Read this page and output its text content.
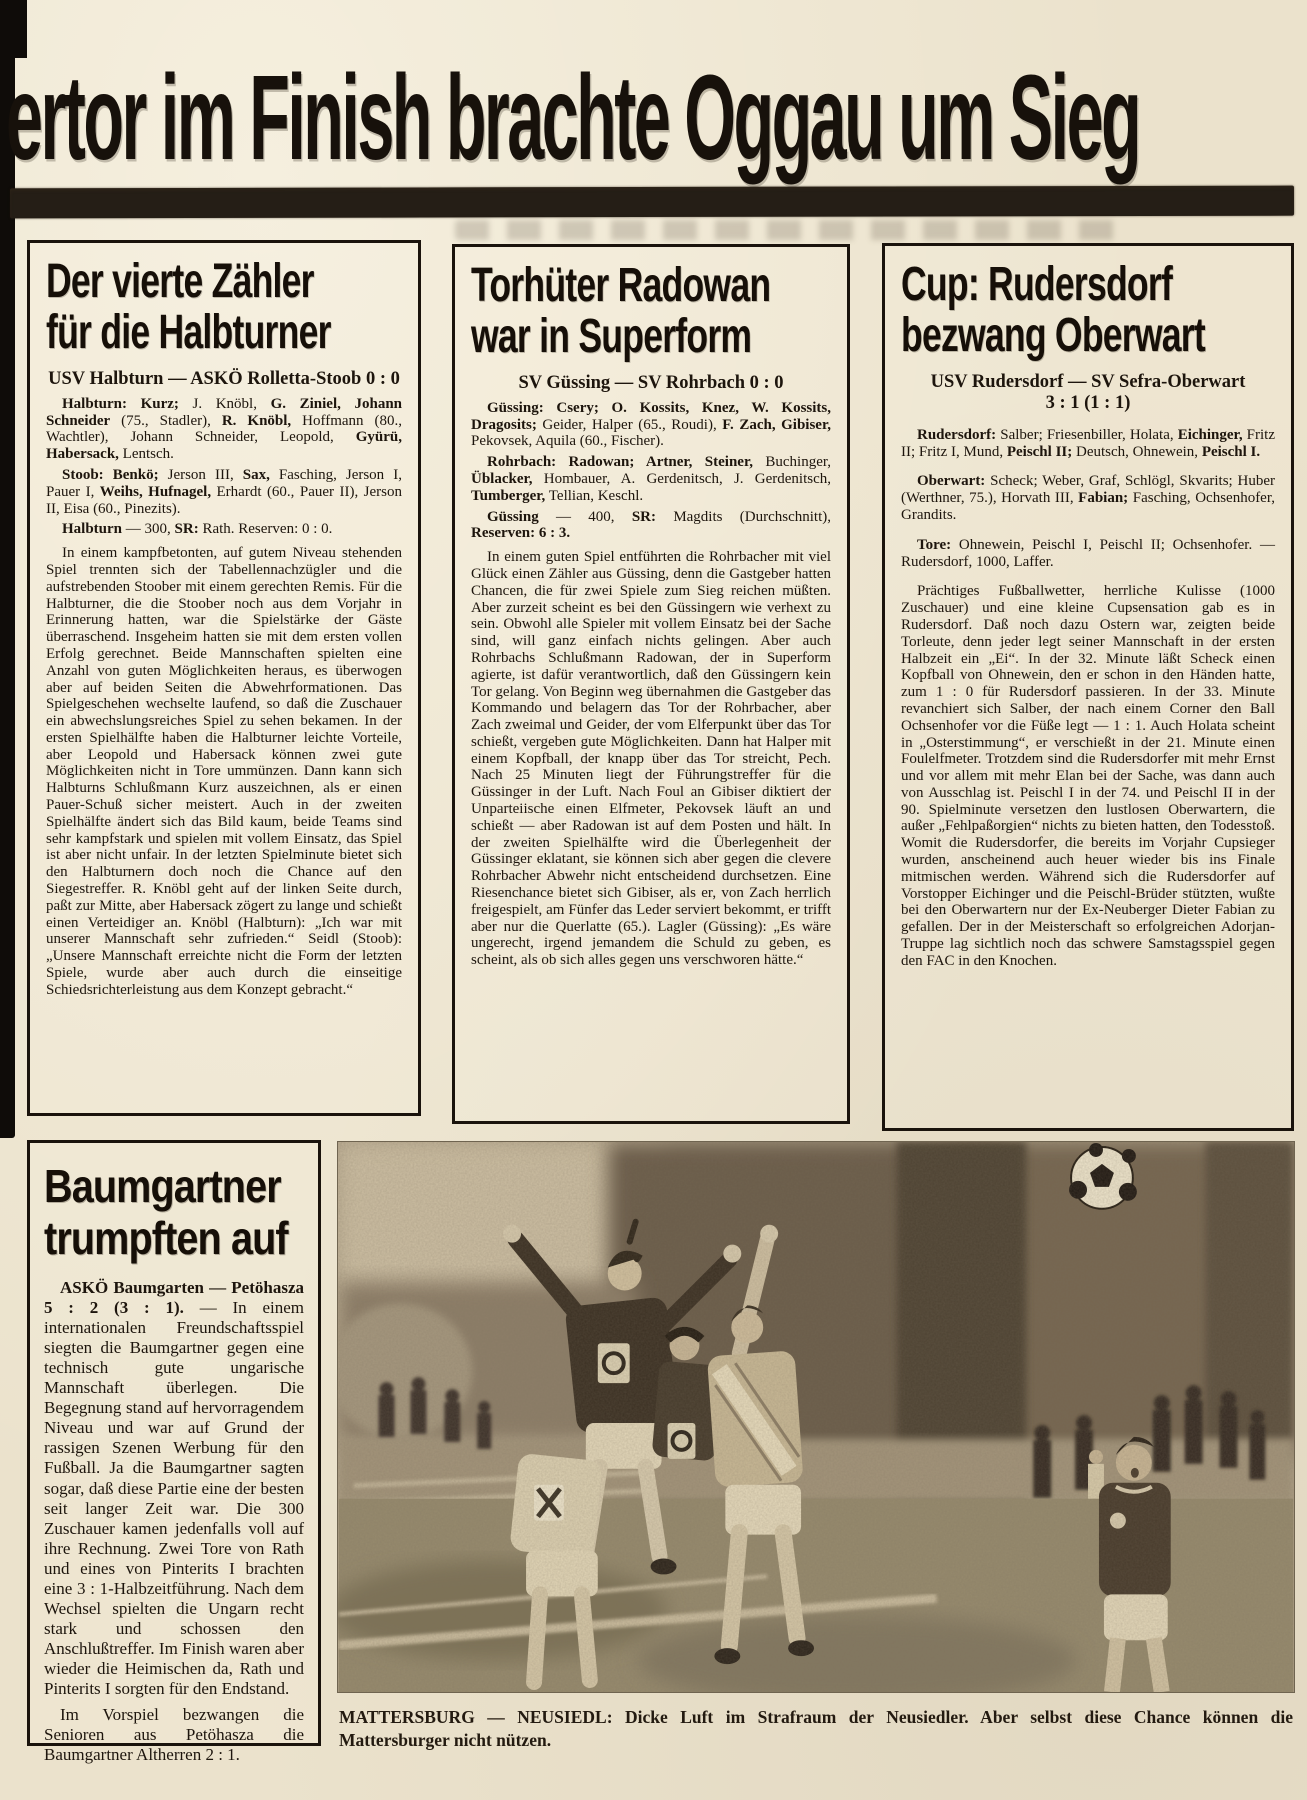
ertor im Finish brachte Oggau um Sieg
Der vierte Zähler
für die Halbturner
USV Halbturn — ASKÖ Rolletta-Stoob 0 : 0

Halbturn: Kurz; J. Knöbl, G. Ziniel, Johann Schneider (75., Stadler), R. Knöbl, Hoffmann (80., Wachtler), Johann Schneider, Leopold, Gyürü, Habersack, Lentsch.

Stoob: Benkö; Jerson III, Sax, Fasching, Jerson I, Pauer I, Weihs, Hufnagel, Erhardt (60., Pauer II), Jerson II, Eisa (60., Pinezits).

Halbturn — 300, SR: Rath. Reserven: 0 : 0.

In einem kampfbetonten, auf gutem Niveau stehenden Spiel trennten sich der Tabellennachzügler und die aufstrebenden Stoober mit einem gerechten Remis. Für die Halbturner, die die Stoober noch aus dem Vorjahr in Erinnerung hatten, war die Spielstärke der Gäste überraschend. Insgeheim hatten sie mit dem ersten vollen Erfolg gerechnet. Beide Mannschaften spielten eine Anzahl von guten Möglichkeiten heraus, es überwogen aber auf beiden Seiten die Abwehrformationen. Das Spielgeschehen wechselte laufend, so daß die Zuschauer ein abwechslungsreiches Spiel zu sehen bekamen. In der ersten Spielhälfte haben die Halbturner leichte Vorteile, aber Leopold und Habersack können zwei gute Möglichkeiten nicht in Tore ummünzen. Dann kann sich Halbturns Schlußmann Kurz auszeichnen, als er einen Pauer-Schuß sicher meistert. Auch in der zweiten Spielhälfte ändert sich das Bild kaum, beide Teams sind sehr kampfstark und spielen mit vollem Einsatz, das Spiel ist aber nicht unfair. In der letzten Spielminute bietet sich den Halbturnern doch noch die Chance auf den Siegestreffer. R. Knöbl geht auf der linken Seite durch, paßt zur Mitte, aber Habersack zögert zu lange und schießt einen Verteidiger an. Knöbl (Halbturn): „Ich war mit unserer Mannschaft sehr zufrieden.“ Seidl (Stoob): „Unsere Mannschaft erreichte nicht die Form der letzten Spiele, wurde aber auch durch die einseitige Schiedsrichterleistung aus dem Konzept gebracht.“

Torhüter Radowan
war in Superform
SV Güssing — SV Rohrbach 0 : 0

Güssing: Csery; O. Kossits, Knez, W. Kossits, Dragosits; Geider, Halper (65., Roudi), F. Zach, Gibiser, Pekovsek, Aquila (60., Fischer).

Rohrbach: Radowan; Artner, Steiner, Buchinger, Üblacker, Hombauer, A. Gerdenitsch, J. Gerdenitsch, Tumberger, Tellian, Keschl.

Güssing — 400, SR: Magdits (Durchschnitt), Reserven: 6 : 3.

In einem guten Spiel entführten die Rohrbacher mit viel Glück einen Zähler aus Güssing, denn die Gastgeber hatten Chancen, die für zwei Spiele zum Sieg reichen müßten. Aber zurzeit scheint es bei den Güssingern wie verhext zu sein. Obwohl alle Spieler mit vollem Einsatz bei der Sache sind, will ganz einfach nichts gelingen. Aber auch Rohrbachs Schlußmann Radowan, der in Superform agierte, ist dafür verantwortlich, daß den Güssingern kein Tor gelang. Von Beginn weg übernahmen die Gastgeber das Kommando und belagern das Tor der Rohrbacher, aber Zach zweimal und Geider, der vom Elferpunkt über das Tor schießt, vergeben gute Möglichkeiten. Dann hat Halper mit einem Kopfball, der knapp über das Tor streicht, Pech. Nach 25 Minuten liegt der Führungstreffer für die Güssinger in der Luft. Nach Foul an Gibiser diktiert der Unparteiische einen Elfmeter, Pekovsek läuft an und schießt — aber Radowan ist auf dem Posten und hält. In der zweiten Spielhälfte wird die Überlegenheit der Güssinger eklatant, sie können sich aber gegen die clevere Rohrbacher Abwehr nicht entscheidend durchsetzen. Eine Riesenchance bietet sich Gibiser, als er, von Zach herrlich freigespielt, am Fünfer das Leder serviert bekommt, er trifft aber nur die Querlatte (65.). Lagler (Güssing): „Es wäre ungerecht, irgend jemandem die Schuld zu geben, es scheint, als ob sich alles gegen uns verschworen hätte.“

Cup: Rudersdorf
bezwang Oberwart
USV Rudersdorf — SV Sefra-Oberwart
3 : 1 (1 : 1)

Rudersdorf: Salber; Friesenbiller, Holata, Eichinger, Fritz II; Fritz I, Mund, Peischl II; Deutsch, Ohnewein, Peischl I.

Oberwart: Scheck; Weber, Graf, Schlögl, Skvarits; Huber (Werthner, 75.), Horvath III, Fabian; Fasching, Ochsenhofer, Grandits.

Tore: Ohnewein, Peischl I, Peischl II; Ochsenhofer. — Rudersdorf, 1000, Laffer.

Prächtiges Fußballwetter, herrliche Kulisse (1000 Zuschauer) und eine kleine Cupsensation gab es in Rudersdorf. Daß noch dazu Ostern war, zeigten beide Torleute, denn jeder legt seiner Mannschaft in der ersten Halbzeit ein „Ei“. In der 32. Minute läßt Scheck einen Kopfball von Ohnewein, den er schon in den Händen hatte, zum 1 : 0 für Rudersdorf passieren. In der 33. Minute revanchiert sich Salber, der nach einem Corner den Ball Ochsenhofer vor die Füße legt — 1 : 1. Auch Holata scheint in „Osterstimmung“, er verschießt in der 21. Minute einen Foulelfmeter. Trotzdem sind die Rudersdorfer mit mehr Ernst und vor allem mit mehr Elan bei der Sache, was dann auch von Ausschlag ist. Peischl I in der 74. und Peischl II in der 90. Spielminute versetzen den lustlosen Oberwartern, die außer „Fehlpaßorgien“ nichts zu bieten hatten, den Todesstoß. Womit die Rudersdorfer, die bereits im Vorjahr Cupsieger wurden, anscheinend auch heuer wieder bis ins Finale mitmischen werden. Während sich die Rudersdorfer auf Vorstopper Eichinger und die Peischl-Brüder stützten, wußte bei den Oberwartern nur der Ex-Neuberger Dieter Fabian zu gefallen. Der in der Meisterschaft so erfolgreichen Adorjan-Truppe lag sichtlich noch das schwere Samstagsspiel gegen den FAC in den Knochen.

Baumgartner
trumpften auf

ASKÖ Baumgarten — Petöhasza 5 : 2 (3 : 1). — In einem internationalen Freundschaftsspiel siegten die Baumgartner gegen eine technisch gute ungarische Mannschaft überlegen. Die Begegnung stand auf hervorragendem Niveau und war auf Grund der rassigen Szenen Werbung für den Fußball. Ja die Baumgartner sagten sogar, daß diese Partie eine der besten seit langer Zeit war. Die 300 Zuschauer kamen jedenfalls voll auf ihre Rechnung. Zwei Tore von Rath und eines von Pinterits I brachten eine 3 : 1-Halbzeitführung. Nach dem Wechsel spielten die Ungarn recht stark und schossen den Anschlußtreffer. Im Finish waren aber wieder die Heimischen da, Rath und Pinterits I sorgten für den Endstand.

Im Vorspiel bezwangen die Senioren aus Petöhasza die Baumgartner Altherren 2 : 1.

MATTERSBURG — NEUSIEDL: Dicke Luft im Strafraum der Neusiedler. Aber selbst diese Chance können die Mattersburger nicht nützen.
